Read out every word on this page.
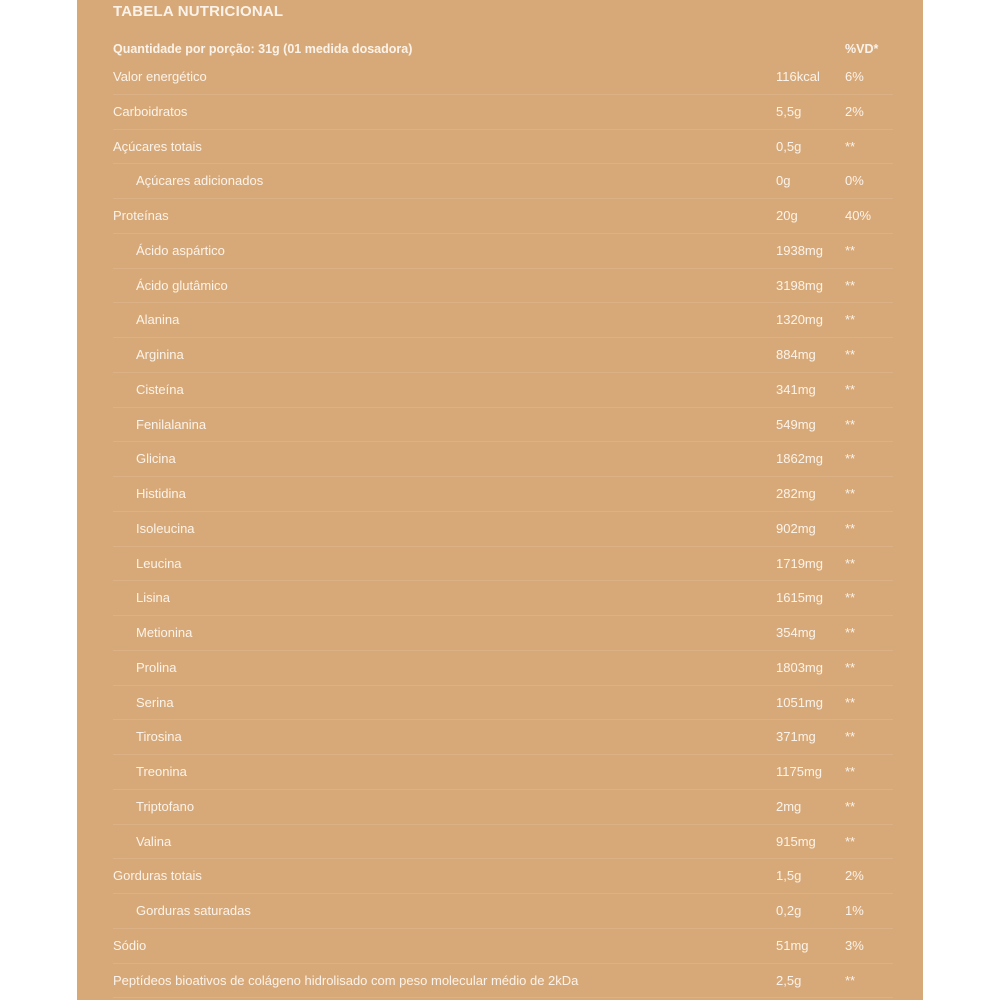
TABELA NUTRICIONAL
Quantidade por porção: 31g (01 medida dosadora)	%VD*
Valor energético	116kcal 6%
Carboidratos	5,5g	2%
Açúcares totais	0,5g	**
Açúcares adicionados	0g	0%
Proteínas	20g	40%
Ácido aspártico	1938mg **
Ácido glutâmico	3198mg **
Alanina	1320mg **
Arginina	884mg **
Cisteína	341mg **
Fenilalanina	549mg **
Glicina	1862mg **
Histidina	282mg **
Isoleucina	902mg **
Leucina	1719mg **
Lisina	1615mg **
Metionina	354mg **
Prolina	1803mg **
Serina	1051mg **
Tirosina	371mg **
Treonina	1175mg **
Triptofano	2mg	**
Valina	915mg **
Gorduras totais	1,5g	2%
Gorduras saturadas	0,2g	1%
Sódio	51mg	3%
Peptídeos bioativos de colágeno hidrolisado com peso molecular médio de 2kDa	2,5g	**
